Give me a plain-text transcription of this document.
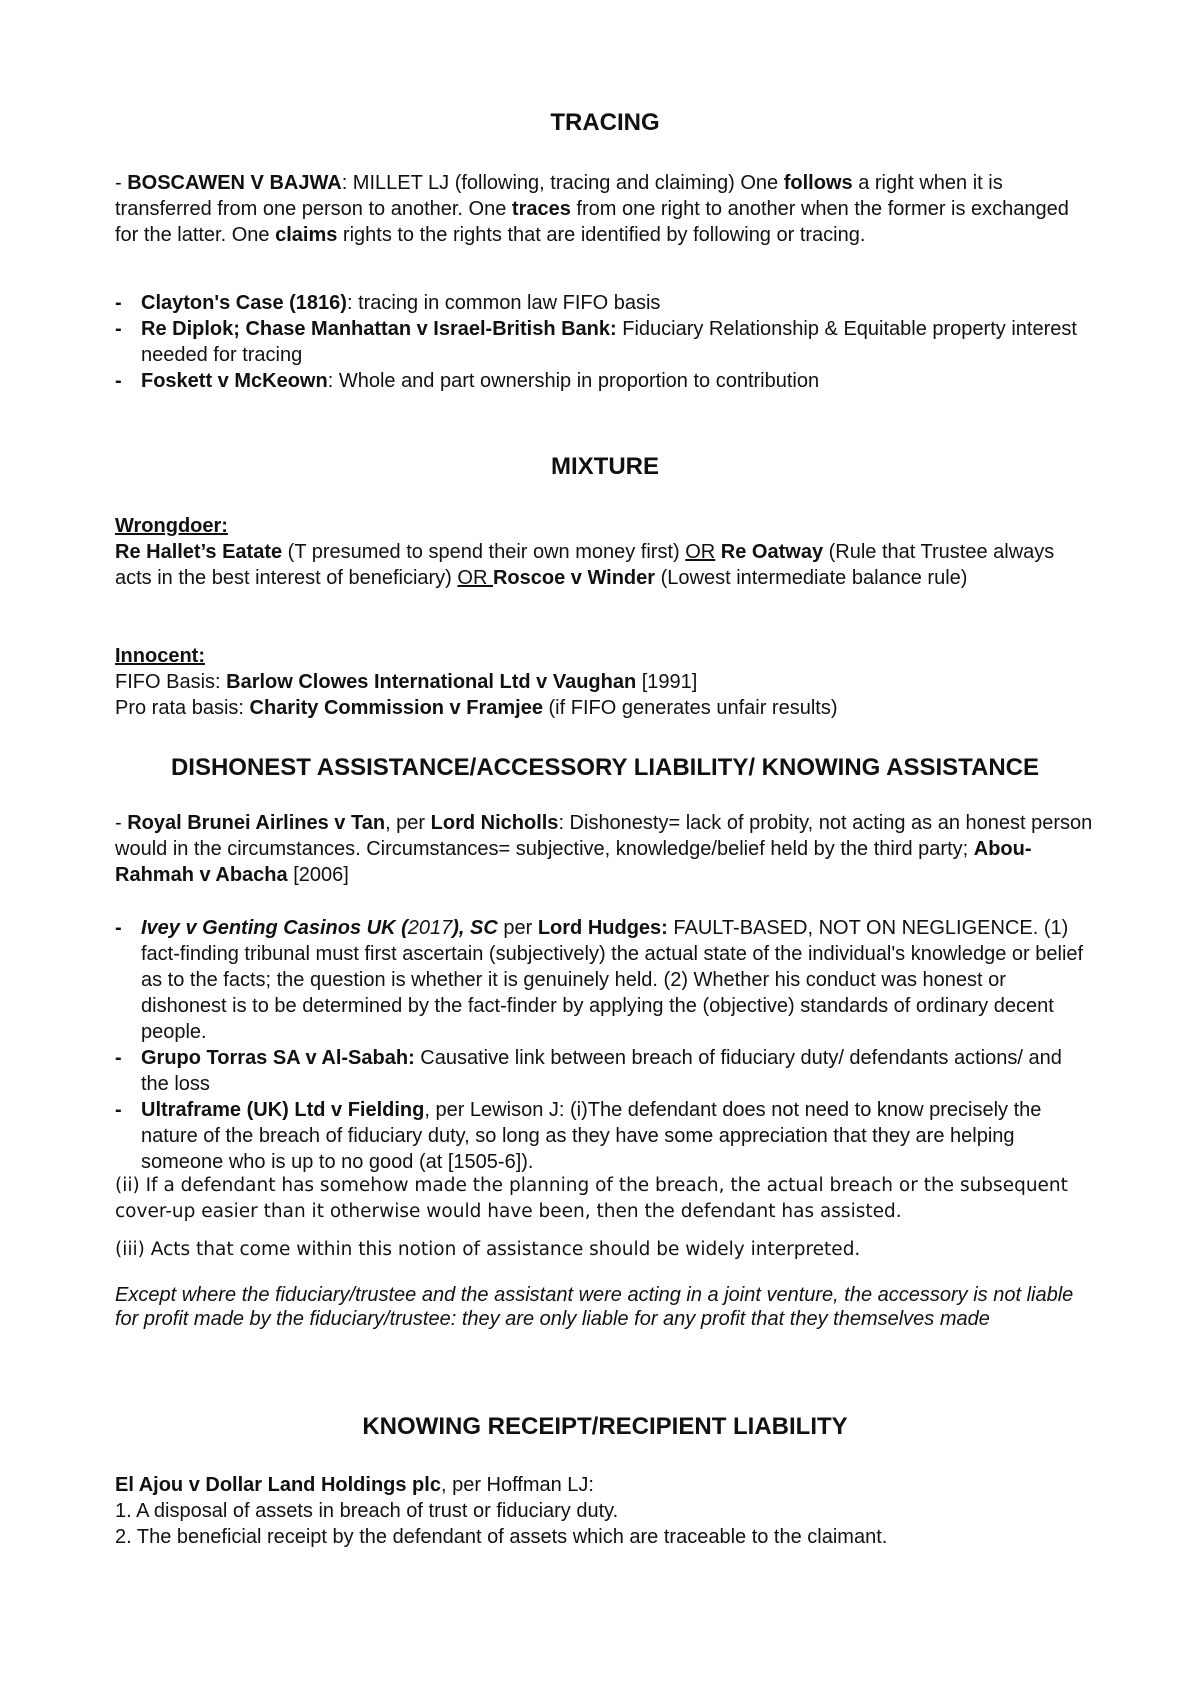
TRACING
- BOSCAWEN V BAJWA: MILLET LJ (following, tracing and claiming) One follows a right when it is transferred from one person to another. One traces from one right to another when the former is exchanged for the latter. One claims rights to the rights that are identified by following or tracing.
- Clayton's Case (1816): tracing in common law FIFO basis
- Re Diplok; Chase Manhattan v Israel-British Bank: Fiduciary Relationship & Equitable property interest needed for tracing
- Foskett v McKeown: Whole and part ownership in proportion to contribution
MIXTURE
Wrongdoer:
Re Hallet’s Eatate (T presumed to spend their own money first) OR Re Oatway (Rule that Trustee always acts in the best interest of beneficiary) OR Roscoe v Winder (Lowest intermediate balance rule)
Innocent:
FIFO Basis: Barlow Clowes International Ltd v Vaughan [1991]
Pro rata basis: Charity Commission v Framjee (if FIFO generates unfair results)
DISHONEST ASSISTANCE/ACCESSORY LIABILITY/ KNOWING ASSISTANCE
- Royal Brunei Airlines v Tan, per Lord Nicholls: Dishonesty= lack of probity, not acting as an honest person would in the circumstances. Circumstances= subjective, knowledge/belief held by the third party; Abou-Rahmah v Abacha [2006]
- Ivey v Genting Casinos UK (2017), SC per Lord Hudges: FAULT-BASED, NOT ON NEGLIGENCE. (1) fact-finding tribunal must first ascertain (subjectively) the actual state of the individual's knowledge or belief as to the facts; the question is whether it is genuinely held. (2) Whether his conduct was honest or dishonest is to be determined by the fact-finder by applying the (objective) standards of ordinary decent people.
- Grupo Torras SA v Al-Sabah: Causative link between breach of fiduciary duty/ defendants actions/ and the loss
- Ultraframe (UK) Ltd v Fielding, per Lewison J: (i)The defendant does not need to know precisely the nature of the breach of fiduciary duty, so long as they have some appreciation that they are helping someone who is up to no good (at [1505-6]).
(ii) If a defendant has somehow made the planning of the breach, the actual breach or the subsequent cover-up easier than it otherwise would have been, then the defendant has assisted.
(iii) Acts that come within this notion of assistance should be widely interpreted.
Except where the fiduciary/trustee and the assistant were acting in a joint venture, the accessory is not liable for profit made by the fiduciary/trustee: they are only liable for any profit that they themselves made
KNOWING RECEIPT/RECIPIENT LIABILITY
El Ajou v Dollar Land Holdings plc, per Hoffman LJ:
1. A disposal of assets in breach of trust or fiduciary duty.
2. The beneficial receipt by the defendant of assets which are traceable to the claimant.
